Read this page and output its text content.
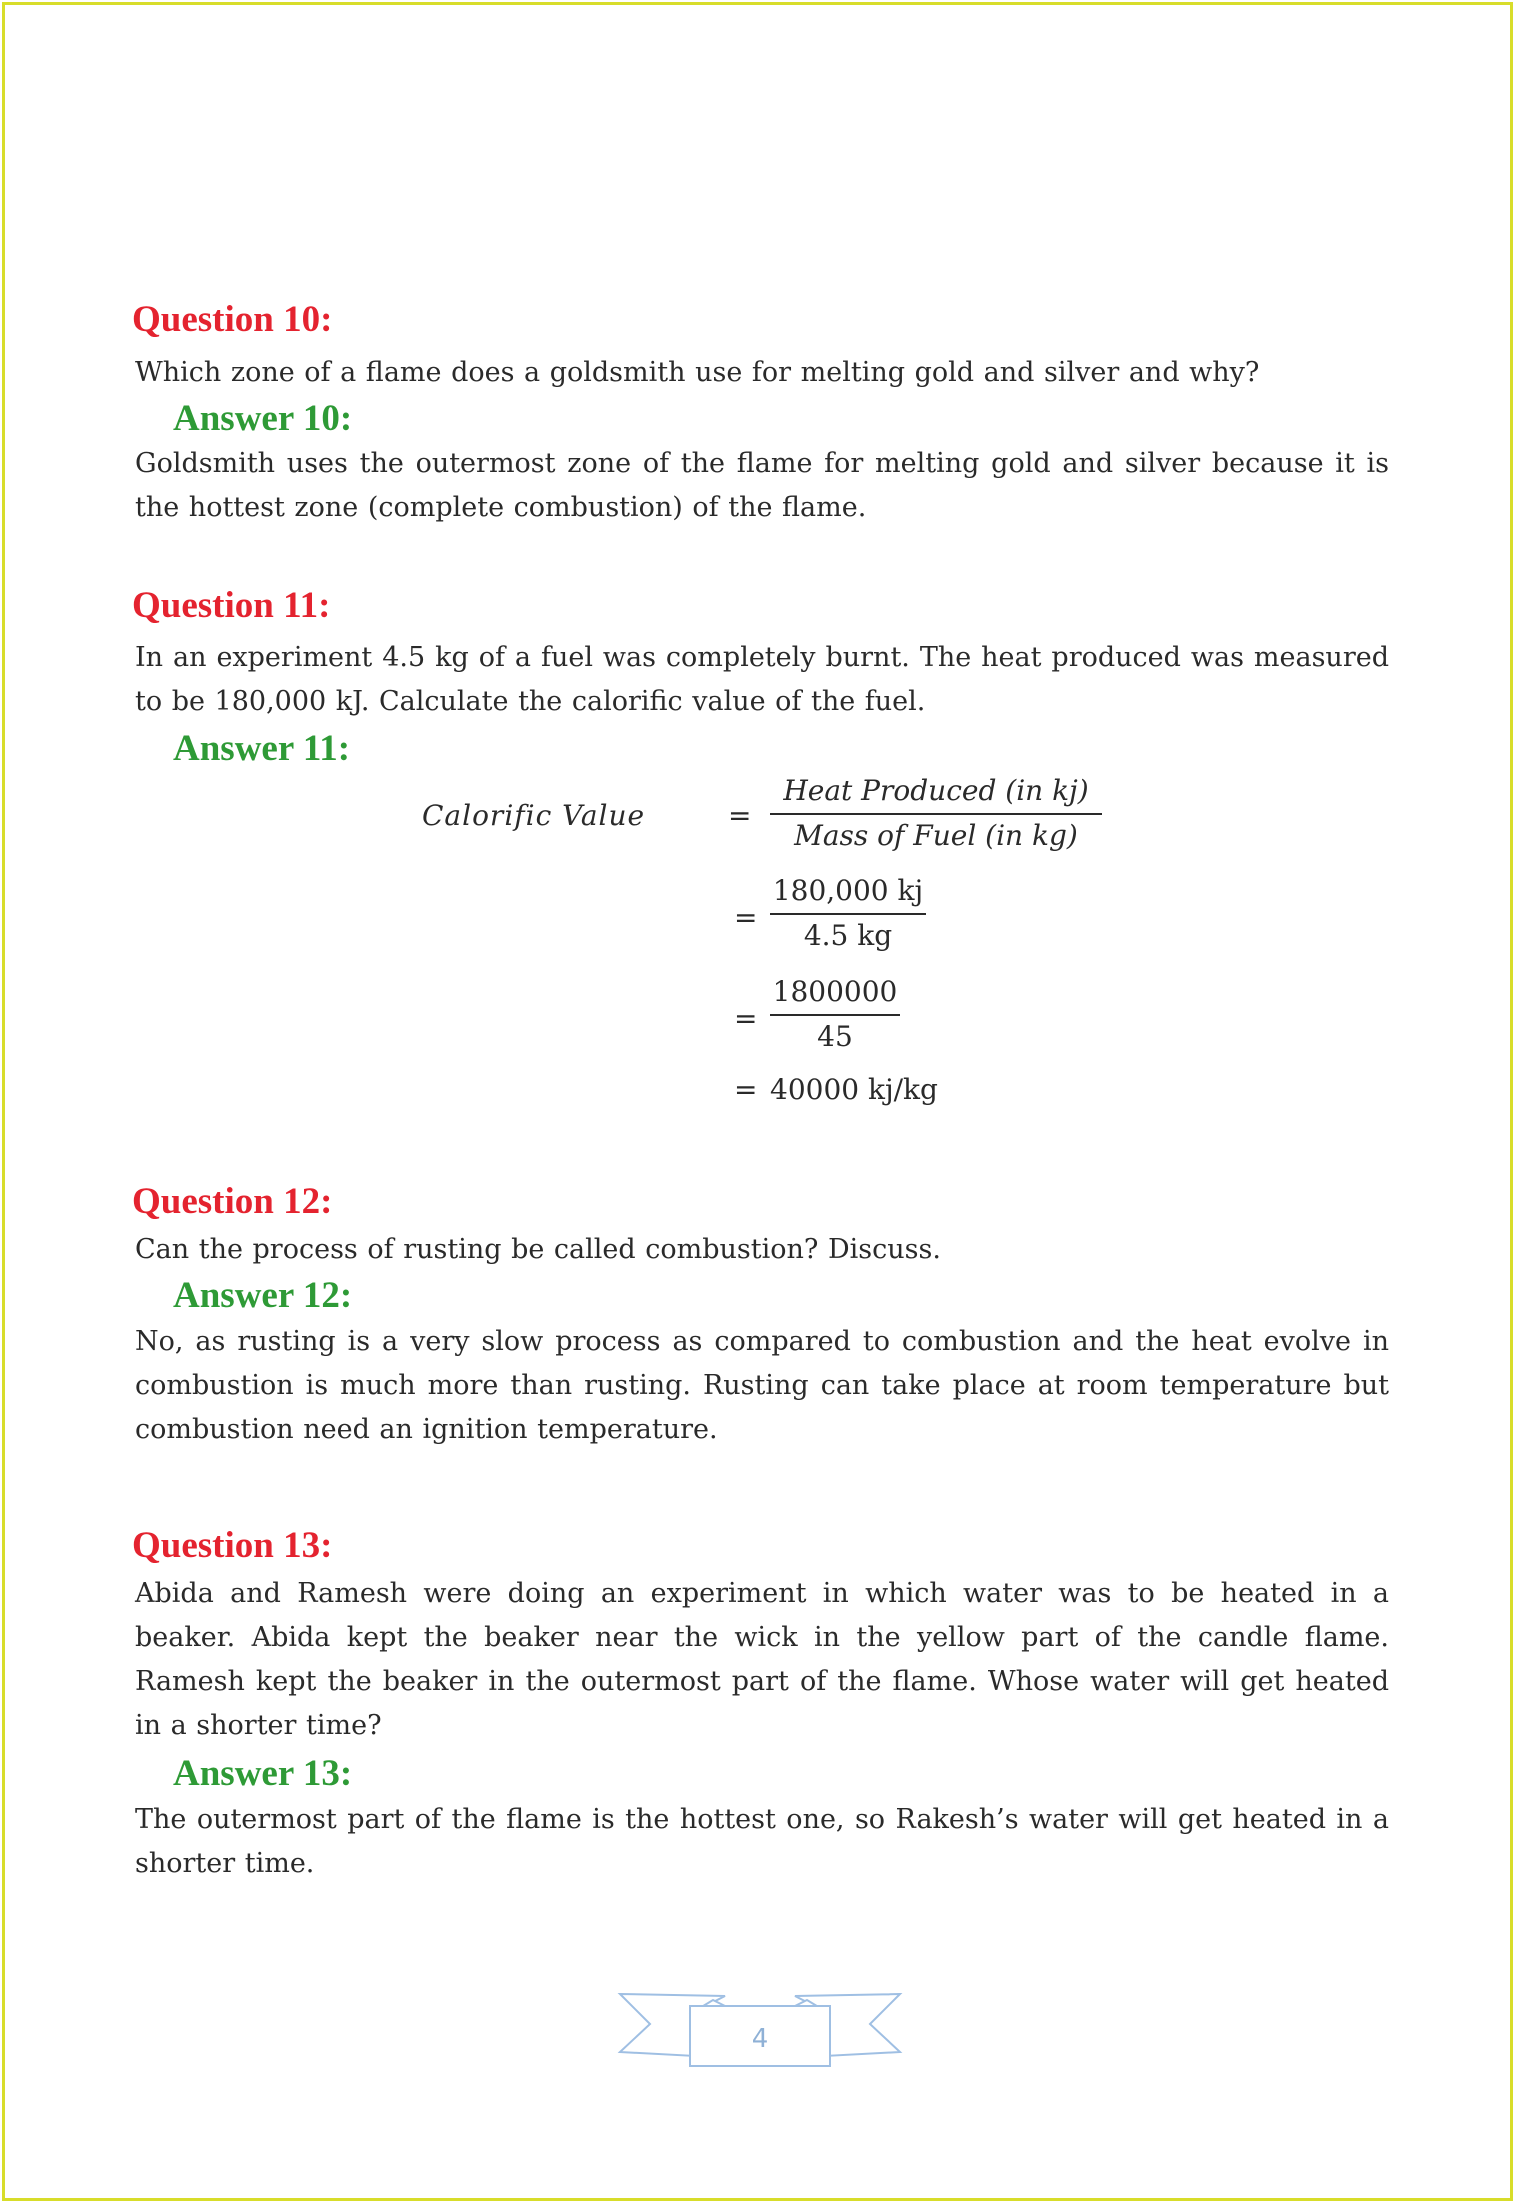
Question 10:

Which zone of a flame does a goldsmith use for melting gold and silver and why?

Answer 10:

Goldsmith uses the outermost zone of the flame for melting gold and silver because it is the hottest zone (complete combustion) of the flame.

Question 11:

In an experiment 4.5 kg of a fuel was completely burnt. The heat produced was measured to be 180,000 kJ. Calculate the calorific value of the fuel.

Answer 11:
Calorific Value	=
Heat Produced (in kj)
Mass of Fuel (in kg)
=
180,000 kj
4.5 kg
=
1800000
45
= 40000 kj/kg
Question 12:

Can the process of rusting be called combustion? Discuss.

Answer 12:

No, as rusting is a very slow process as compared to combustion and the heat evolve in combustion is much more than rusting. Rusting can take place at room temperature but combustion need an ignition temperature.

Question 13:

Abida and Ramesh were doing an experiment in which water was to be heated in a beaker. Abida kept the beaker near the wick in the yellow part of the candle flame. Ramesh kept the beaker in the outermost part of the flame. Whose water will get heated in a shorter time?

Answer 13:

The outermost part of the flame is the hottest one, so Rakesh’s water will get heated in a shorter time.

4
